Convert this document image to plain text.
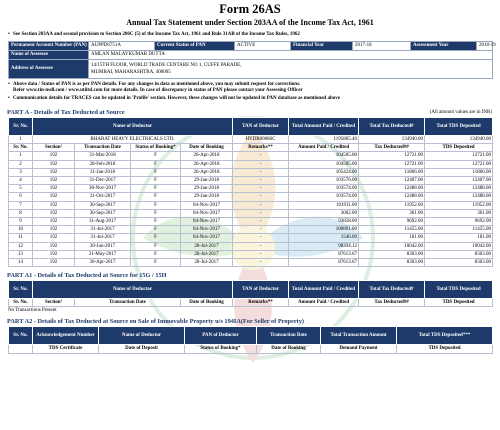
Form 26AS
Annual Tax Statement under Section 203AA of the Income Tax Act, 1961
• See Section 203AA and second provision to Section 206C (5) of the Income Tax Act, 1961 and Rule 31AB of the Income Tax Rules, 1962
Permanent Account Number (PAN)	AUPPD6751A	Current Status of PAN	ACTIVE	Financial Year	2017-18	Assessment Year	2018-19
Name of Assessee	AMLAN MALAYKUMAR DUTTA						
Address of Assessee	14/15TH FLOOR, WORLD TRADE CENTARE NO 1, CUFFE PARADE,
MUMBAI, MAHARASHTRA, 400005						
• Above data / Status of PAN is as per PAN details. For any changes in data as mentioned above, you may submit request for corrections.
Refer www.tin-nsdl.com / www.utiitsl.com for more details. In case of discrepancy in status of PAN please contact your Assessing Officer
• Communication details for TRACES can be updated in 'Profile' section. However, these changes will not be updated in PAN database as mentioned above
PART A - Details of Tax Deducted at Source	(All amount values are in INR)
Sr. No.	Name of Deductor				TAN of Deductor	Total Amount Paid / Credited	Total Tax Deducted#	Total TDS Deposited
1	BHARAT HEAVY ELECTRICALS LTD.				HYDB00086C	1195805.46	134940.00	134940.00
Sr. No.	Section¹	Transaction Date	Status of Booking*	Date of Booking	Remarks**	Amount Paid / Credited	Tax Deducted##	TDS Deposited
1	192	31-Mar-2018	F	26-Apr-2018	-	104505.00	12721.00	12721.00
2	192	28-Feb-2018	F	26-Apr-2018	-	104505.00	12721.00	12721.00
3	192	31-Jan-2018	F	26-Apr-2018	-	105424.00	11866.00	11866.00
4	192	31-Dec-2017	F	29-Jan-2018	-	103576.00	12407.00	12407.00
5	192	30-Nov-2017	F	29-Jan-2018	-	103574.00	12488.00	12488.00
6	192	31-Oct-2017	F	29-Jan-2018	-	103574.00	12488.00	12488.00
7	192	30-Sep-2017	F	04-Nov-2017	-	101911.00	11952.00	11952.00
8	192	30-Sep-2017	F	04-Nov-2017	-	3002.00	361.00	361.00
9	192	31-Aug-2017	F	04-Nov-2017	-	93858.00	9692.00	9692.00
10	192	31-Jul-2017	F	04-Nov-2017	-	100891.00	11455.00	11455.00
11	192	31-Jul-2017	F	04-Nov-2017	-	1546.00	181.00	181.00
12	192	30-Jun-2017	F	28-Jul-2017	-	98334.12	10042.00	10042.00
13	192	31-May-2017	F	28-Jul-2017	-	87613.67	8303.00	8303.00
14	192	30-Apr-2017	F	28-Jul-2017	-	87613.67	8303.00	8303.00
PART A1 - Details of Tax Deducted at Source for 15G / 15H
Sr. No.	Name of Deductor			TAN of Deductor	Total Amount Paid / Credited	Total Tax Deducted#	Total TDS Deposited
Sr. No.	Section¹	Transaction Date	Date of Booking	Remarks**	Amount Paid / Credited	Tax Deducted##	TDS Deposited
No Transactions Present
PART A2 - Details of Tax Deducted at Source on Sale of Immovable Property u/s 194IA(For Seller of Property)
Sr. No.	Acknowledgement Number	Name of Deductor	PAN of Deductor	Transaction Date	Total Transaction Amount	Total TDS Deposited***
	TDS Certificate	Date of Deposit	Status of Booking*	Date of Booking	Demand Payment	TDS Deposited
